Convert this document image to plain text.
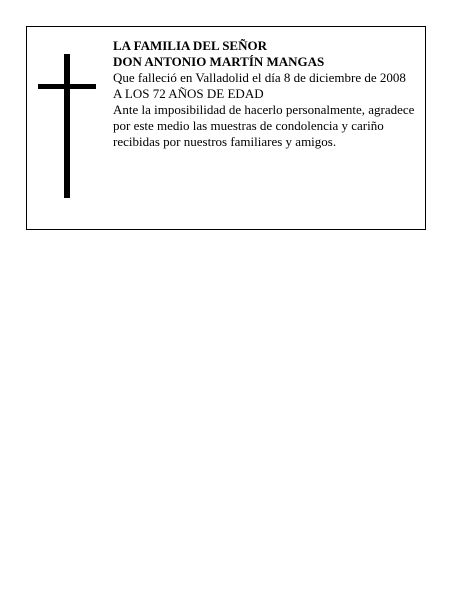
LA FAMILIA DEL SEÑOR

DON ANTONIO MARTÍN MANGAS

Que falleció en Valladolid el día 8 de diciembre de 2008

A LOS 72 AÑOS DE EDAD

Ante la imposibilidad de hacerlo personalmente, agradece por este medio las muestras de condolencia y cariño recibidas por nuestros familiares y amigos.
